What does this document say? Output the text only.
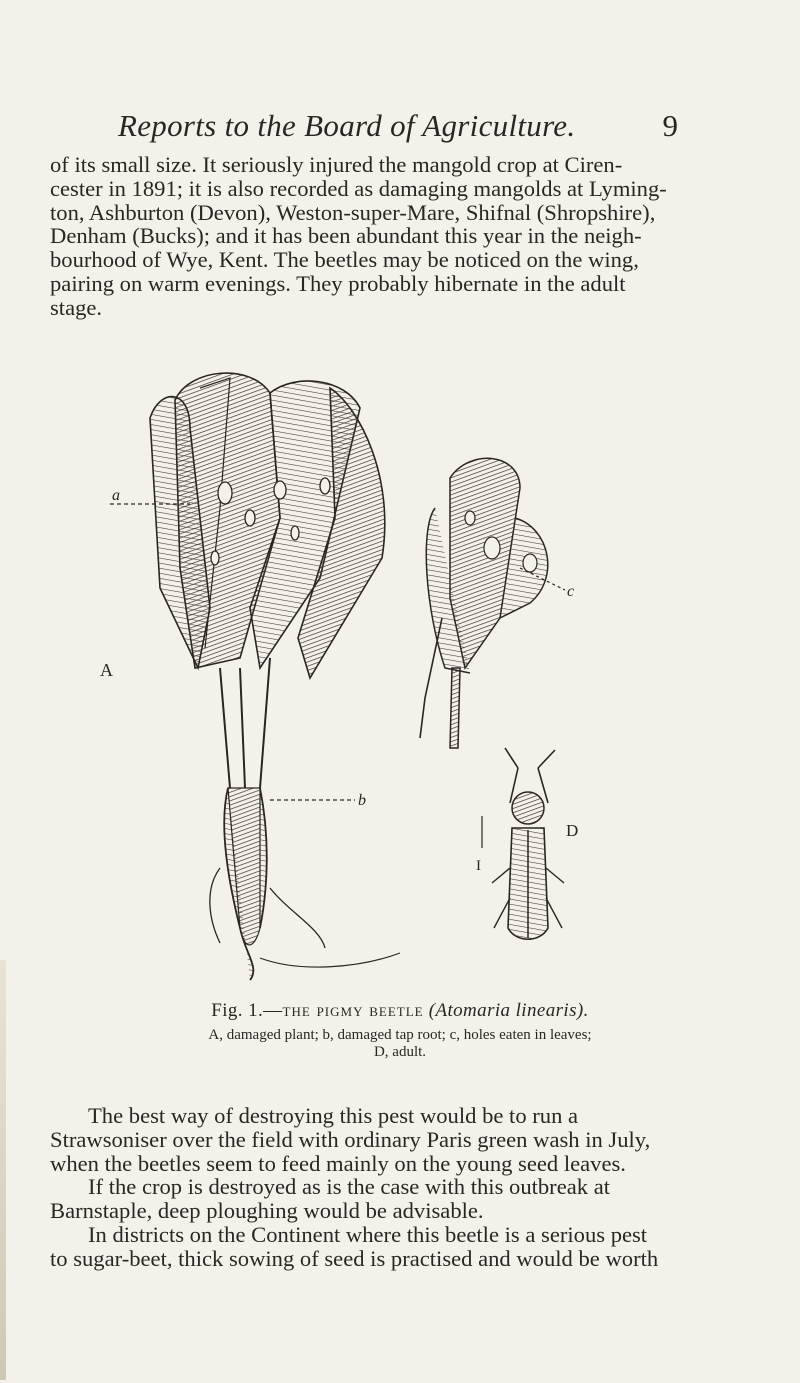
Reports to the Board of Agriculture.	9

of its small size. It seriously injured the mangold crop at Ciren-
cester in 1891; it is also recorded as damaging mangolds at Lyming-
ton, Ashburton (Devon), Weston-super-Mare, Shifnal (Shropshire),
Denham (Bucks); and it has been abundant this year in the neigh-
bourhood of Wye, Kent. The beetles may be noticed on the wing,
pairing on warm evenings. They probably hibernate in the adult
stage.

a
A
b
c
D
I
Fig. 1.—the pigmy beetle (Atomaria linearis).
A, damaged plant; b, damaged tap root; c, holes eaten in leaves;
D, adult.

The best way of destroying this pest would be to run a
Strawsoniser over the field with ordinary Paris green wash in July,
when the beetles seem to feed mainly on the young seed leaves.
If the crop is destroyed as is the case with this outbreak at
Barnstaple, deep ploughing would be advisable.
In districts on the Continent where this beetle is a serious pest
to sugar-beet, thick sowing of seed is practised and would be worth
